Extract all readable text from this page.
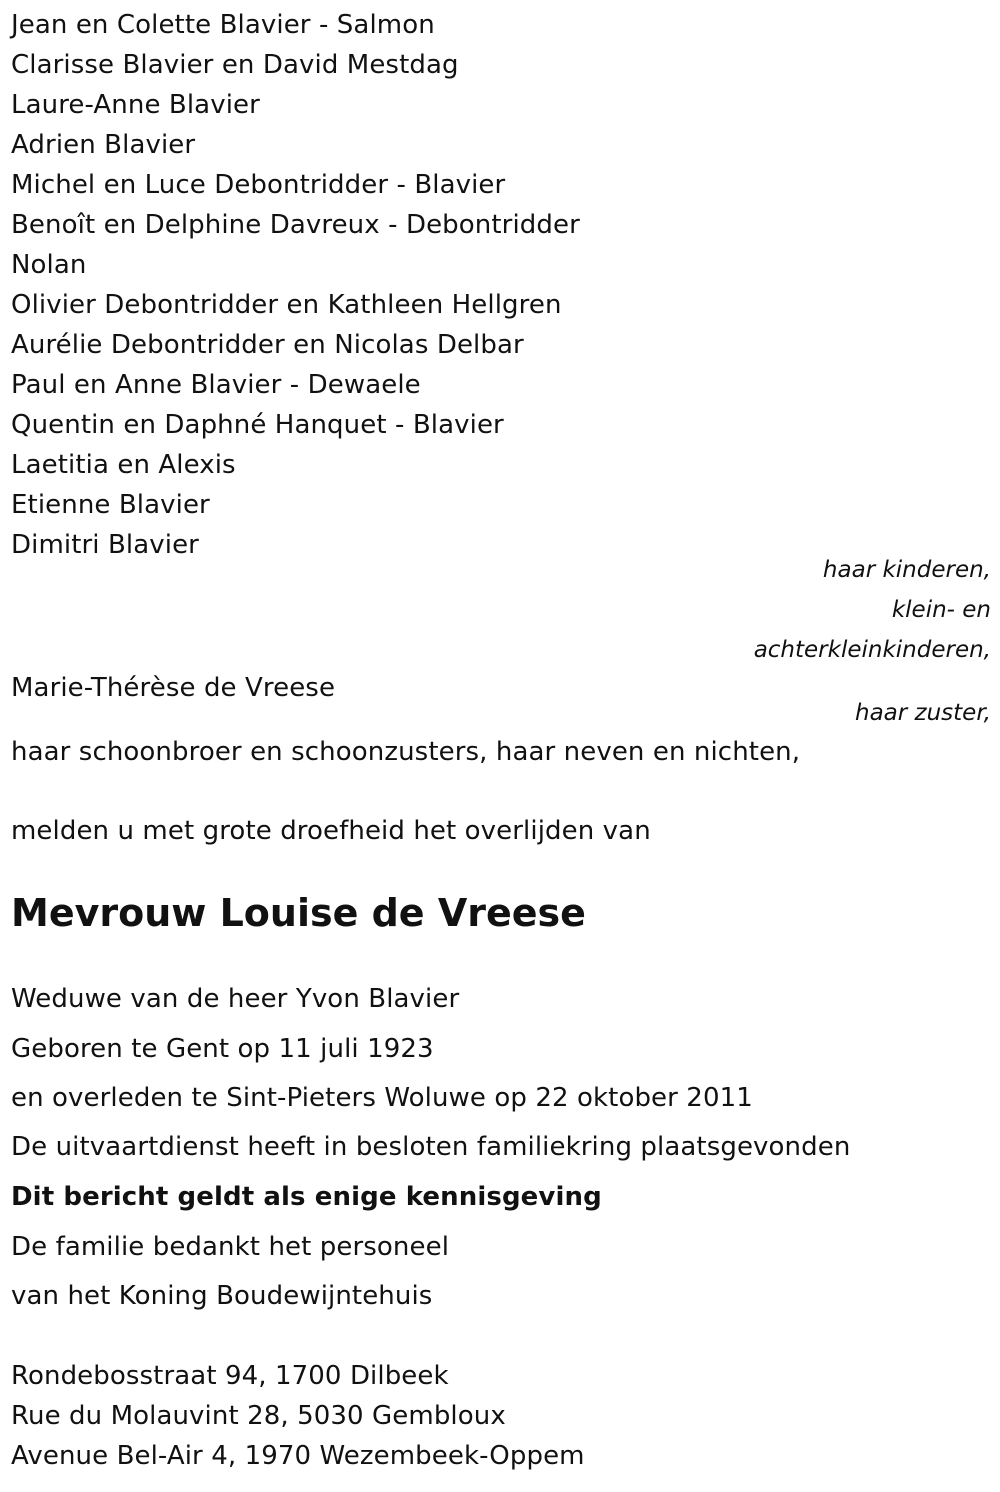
Jean en Colette Blavier - Salmon
Clarisse Blavier en David Mestdag
Laure-Anne Blavier
Adrien Blavier
Michel en Luce Debontridder - Blavier
Benoît en Delphine Davreux - Debontridder
Nolan
Olivier Debontridder en Kathleen Hellgren
Aurélie Debontridder en Nicolas Delbar
Paul en Anne Blavier - Dewaele
Quentin en Daphné Hanquet - Blavier
Laetitia en Alexis
Etienne Blavier
Dimitri Blavier
haar kinderen,
klein- en
achterkleinkinderen,
Marie-Thérèse de Vreese
haar zuster,
haar schoonbroer en schoonzusters, haar neven en nichten,
melden u met grote droefheid het overlijden van
Mevrouw Louise de Vreese
Weduwe van de heer Yvon Blavier
Geboren te Gent op 11 juli 1923
en overleden te Sint-Pieters Woluwe op 22 oktober 2011
De uitvaartdienst heeft in besloten familiekring plaatsgevonden
Dit bericht geldt als enige kennisgeving
De familie bedankt het personeel
van het Koning Boudewijntehuis
Rondebosstraat 94, 1700 Dilbeek
Rue du Molauvint 28, 5030 Gembloux
Avenue Bel-Air 4, 1970 Wezembeek-Oppem
